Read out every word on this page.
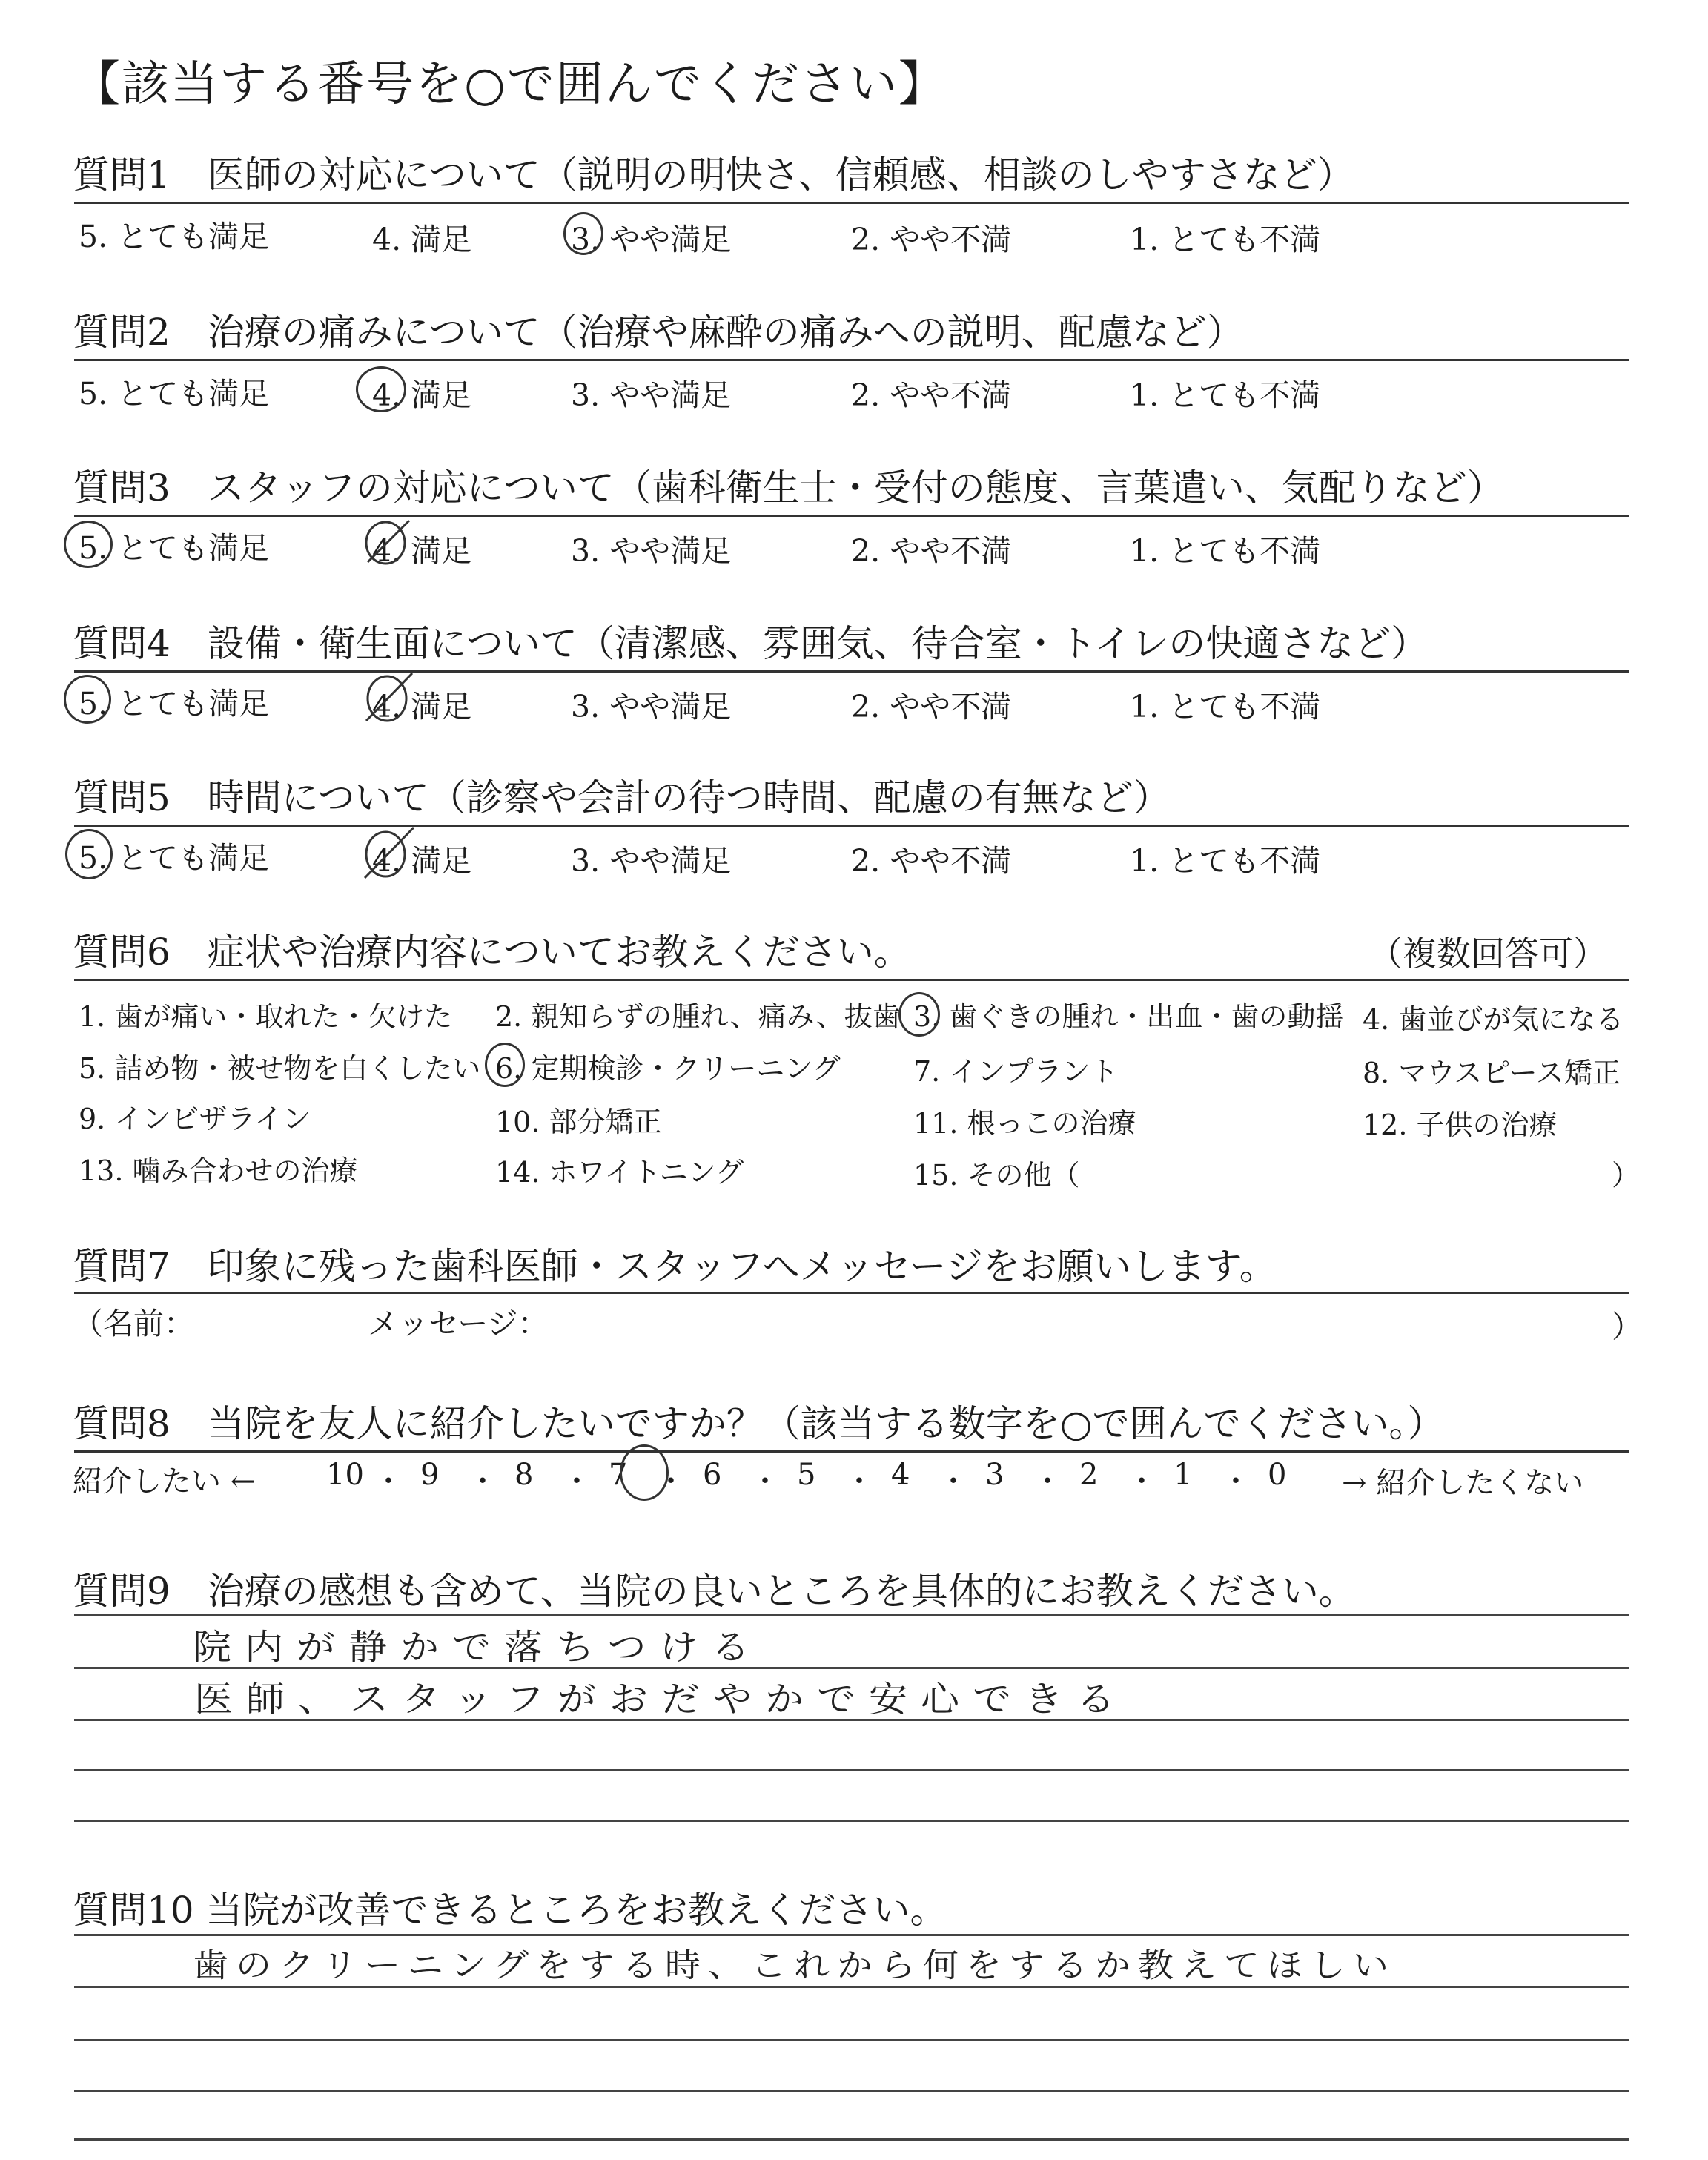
【該当する番号を○で囲んでください】
質問1　医師の対応について（説明の明快さ、信頼感、相談のしやすさなど）
5. とても満足	4. 満足	3. やや満足	2. やや不満	1. とても不満
質問2　治療の痛みについて（治療や麻酔の痛みへの説明、配慮など）
5. とても満足	4. 満足	3. やや満足	2. やや不満	1. とても不満
質問3　スタッフの対応について（歯科衛生士・受付の態度、言葉遣い、気配りなど）
5. とても満足	4. 満足	3. やや満足	2. やや不満	1. とても不満
質問4　設備・衛生面について（清潔感、雰囲気、待合室・トイレの快適さなど）
5. とても満足	4. 満足	3. やや満足	2. やや不満	1. とても不満
質問5　時間について（診察や会計の待つ時間、配慮の有無など）
5. とても満足	4. 満足	3. やや満足	2. やや不満	1. とても不満
質問6　症状や治療内容についてお教えください。	（複数回答可）
1. 歯が痛い・取れた・欠けた 2. 親知らずの腫れ、痛み、抜歯 3. 歯ぐきの腫れ・出血・歯の動揺 4. 歯並びが気になる
5. 詰め物・被せ物を白くしたい 6. 定期検診・クリーニング	7. インプラント	8. マウスピース矯正
9. インビザライン	10. 部分矯正	11. 根っこの治療	12. 子供の治療
13. 噛み合わせの治療	14. ホワイトニング	15. その他（	）
質問7　印象に残った歯科医師・スタッフへメッセージをお願いします。
（名前：	メッセージ：	）
質問8　当院を友人に紹介したいですか？（該当する数字を○で囲んでください。）
紹介したい ← 10 ・ 9 ・ 8 ・ 7 ・ 6 ・ 5 ・ 4 ・ 3 ・ 2 ・ 1 ・ 0 → 紹介したくない
質問9　治療の感想も含めて、当院の良いところを具体的にお教えください。
院内が静かで落ちつける
医師、スタッフがおだやかで安心できる
質問10 当院が改善できるところをお教えください。
歯のクリーニングをする時、これから何をするか教えてほしい
